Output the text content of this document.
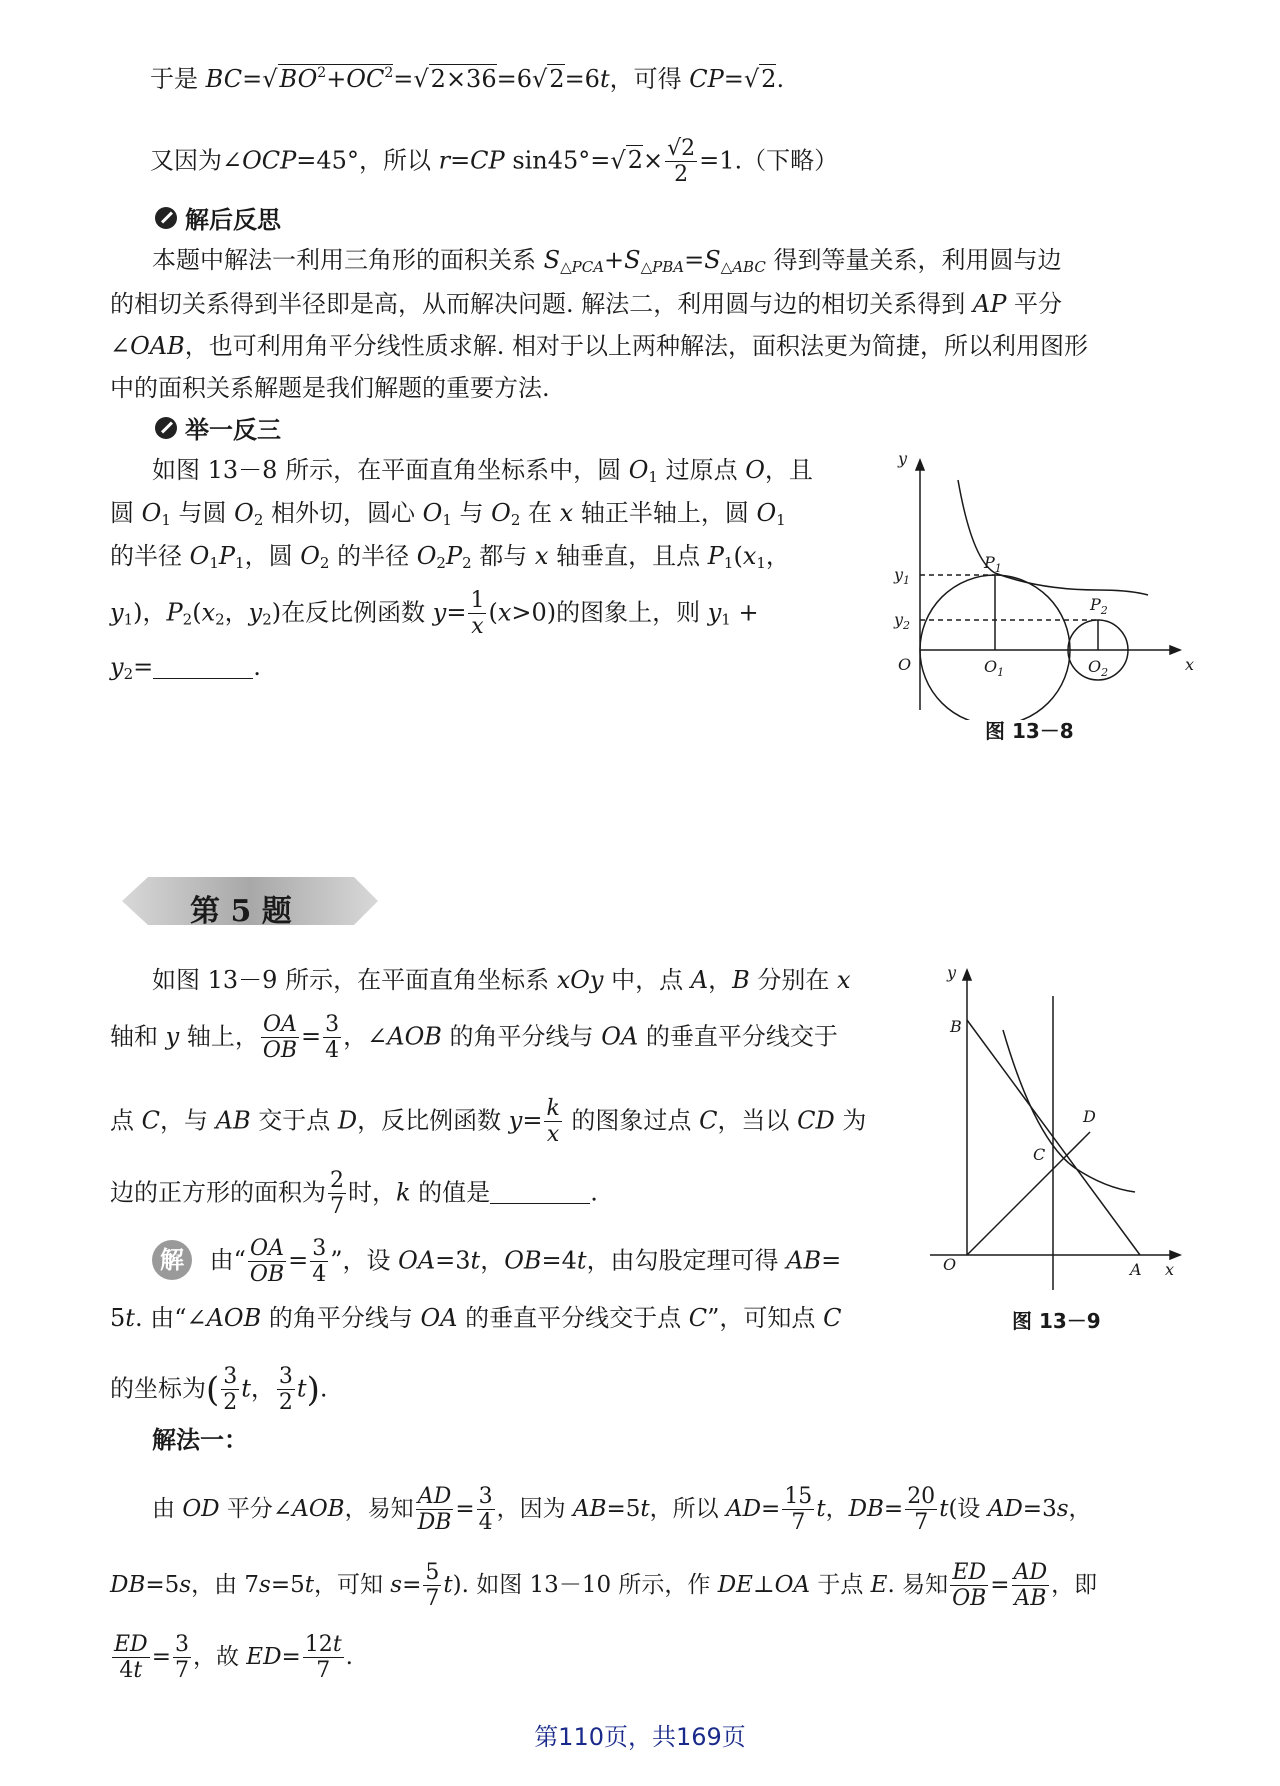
于是 $BC=√BO^2+OC^2=√2\times 36=6√2=6t$，可得 CP=√2.
又因为∠OCP=45°，所以 r=CP $\sin 45^\circ=√2\times \frac{√2}{2} =1$.（下略）
解后反思
本题中解法一利用三角形的面积关系 $S_{\triangle PCA}+S_{\triangle PBA}=S_{\triangle ABC}$ 得到等量关系，利用圆与边
的相切关系得到半径即是高，从而解决问题. 解法二，利用圆与边的相切关系得到 AP 平分
∠OAB，也可利用角平分线性质求解. 相对于以上两种解法，面积法更为简捷，所以利用图形
中的面积关系解题是我们解题的重要方法.
举一反三
如图 13－8 所示，在平面直角坐标系中，圆 $O_1$ 过原点 O，且
圆 $O_1$ 与圆 $O_2$ 相外切，圆心 $O_1$ 与 $O_2$ 在 x 轴正半轴上，圆 $O_1$
的半径 $O_1P_1$，圆 $O_2$ 的半径 $O_2P_2$ 都与 x 轴垂直，且点 $P_1(x_1$，
$y_1$)，$P_2(x_2$，$y_2$)在反比例函数 $y= \frac{1}{x} (x>0)$的图象上，则 $y_1$ +
$y_2=$	.
y
x
O	$O_1$	$O_2$
$P_1$
$P_2$
$y_1$
$y_2$
图 13－8
第 5 题
如图 13－9 所示，在平面直角坐标系 xOy 中，点 A，B 分别在 x
轴和 y 轴上， $\frac{OA}{OB} = \frac{3}{4}$ ，∠AOB 的角平分线与 OA 的垂直平分线交于
点 C，与 AB 交于点 D，反比例函数 $y= \frac{k}{x}$ 的图象过点 C，当以 CD 为
边的正方形的面积为 $\frac{2}{7}$ 时，k 的值是	.
y
B
O	A x
C
D
图 13－9
解 由“ $\frac{OA}{OB} = \frac{3}{4}$ ”，设 OA=3t，OB=4t，由勾股定理可得 AB=
5t. 由“∠AOB 的角平分线与 OA 的垂直平分线交于点 C”，可知点 C
的坐标为( $\frac{3}{2}$ t， $\frac{3}{2} t$).
解法一：
由 OD 平分∠AOB，易知 $\frac{AD}{DB} = \frac{3}{4}$ ，因为 AB=5t，所以 $AD= \frac{15}{7}$ t，$DB= \frac{20}{7} t$(设 AD=3s，
DB=5s，由 7s=5t，可知 $s= \frac{5}{7} t$). 如图 13－10 所示，作 DE⊥OA 于点 E. 易知 $\frac{ED}{OB} = \frac{AD}{AB}$ ，即
$\frac{ED}{4t} = \frac{3}{7}$ ，故 $ED= \frac{12t}{7}$ .
第110页，共169页
